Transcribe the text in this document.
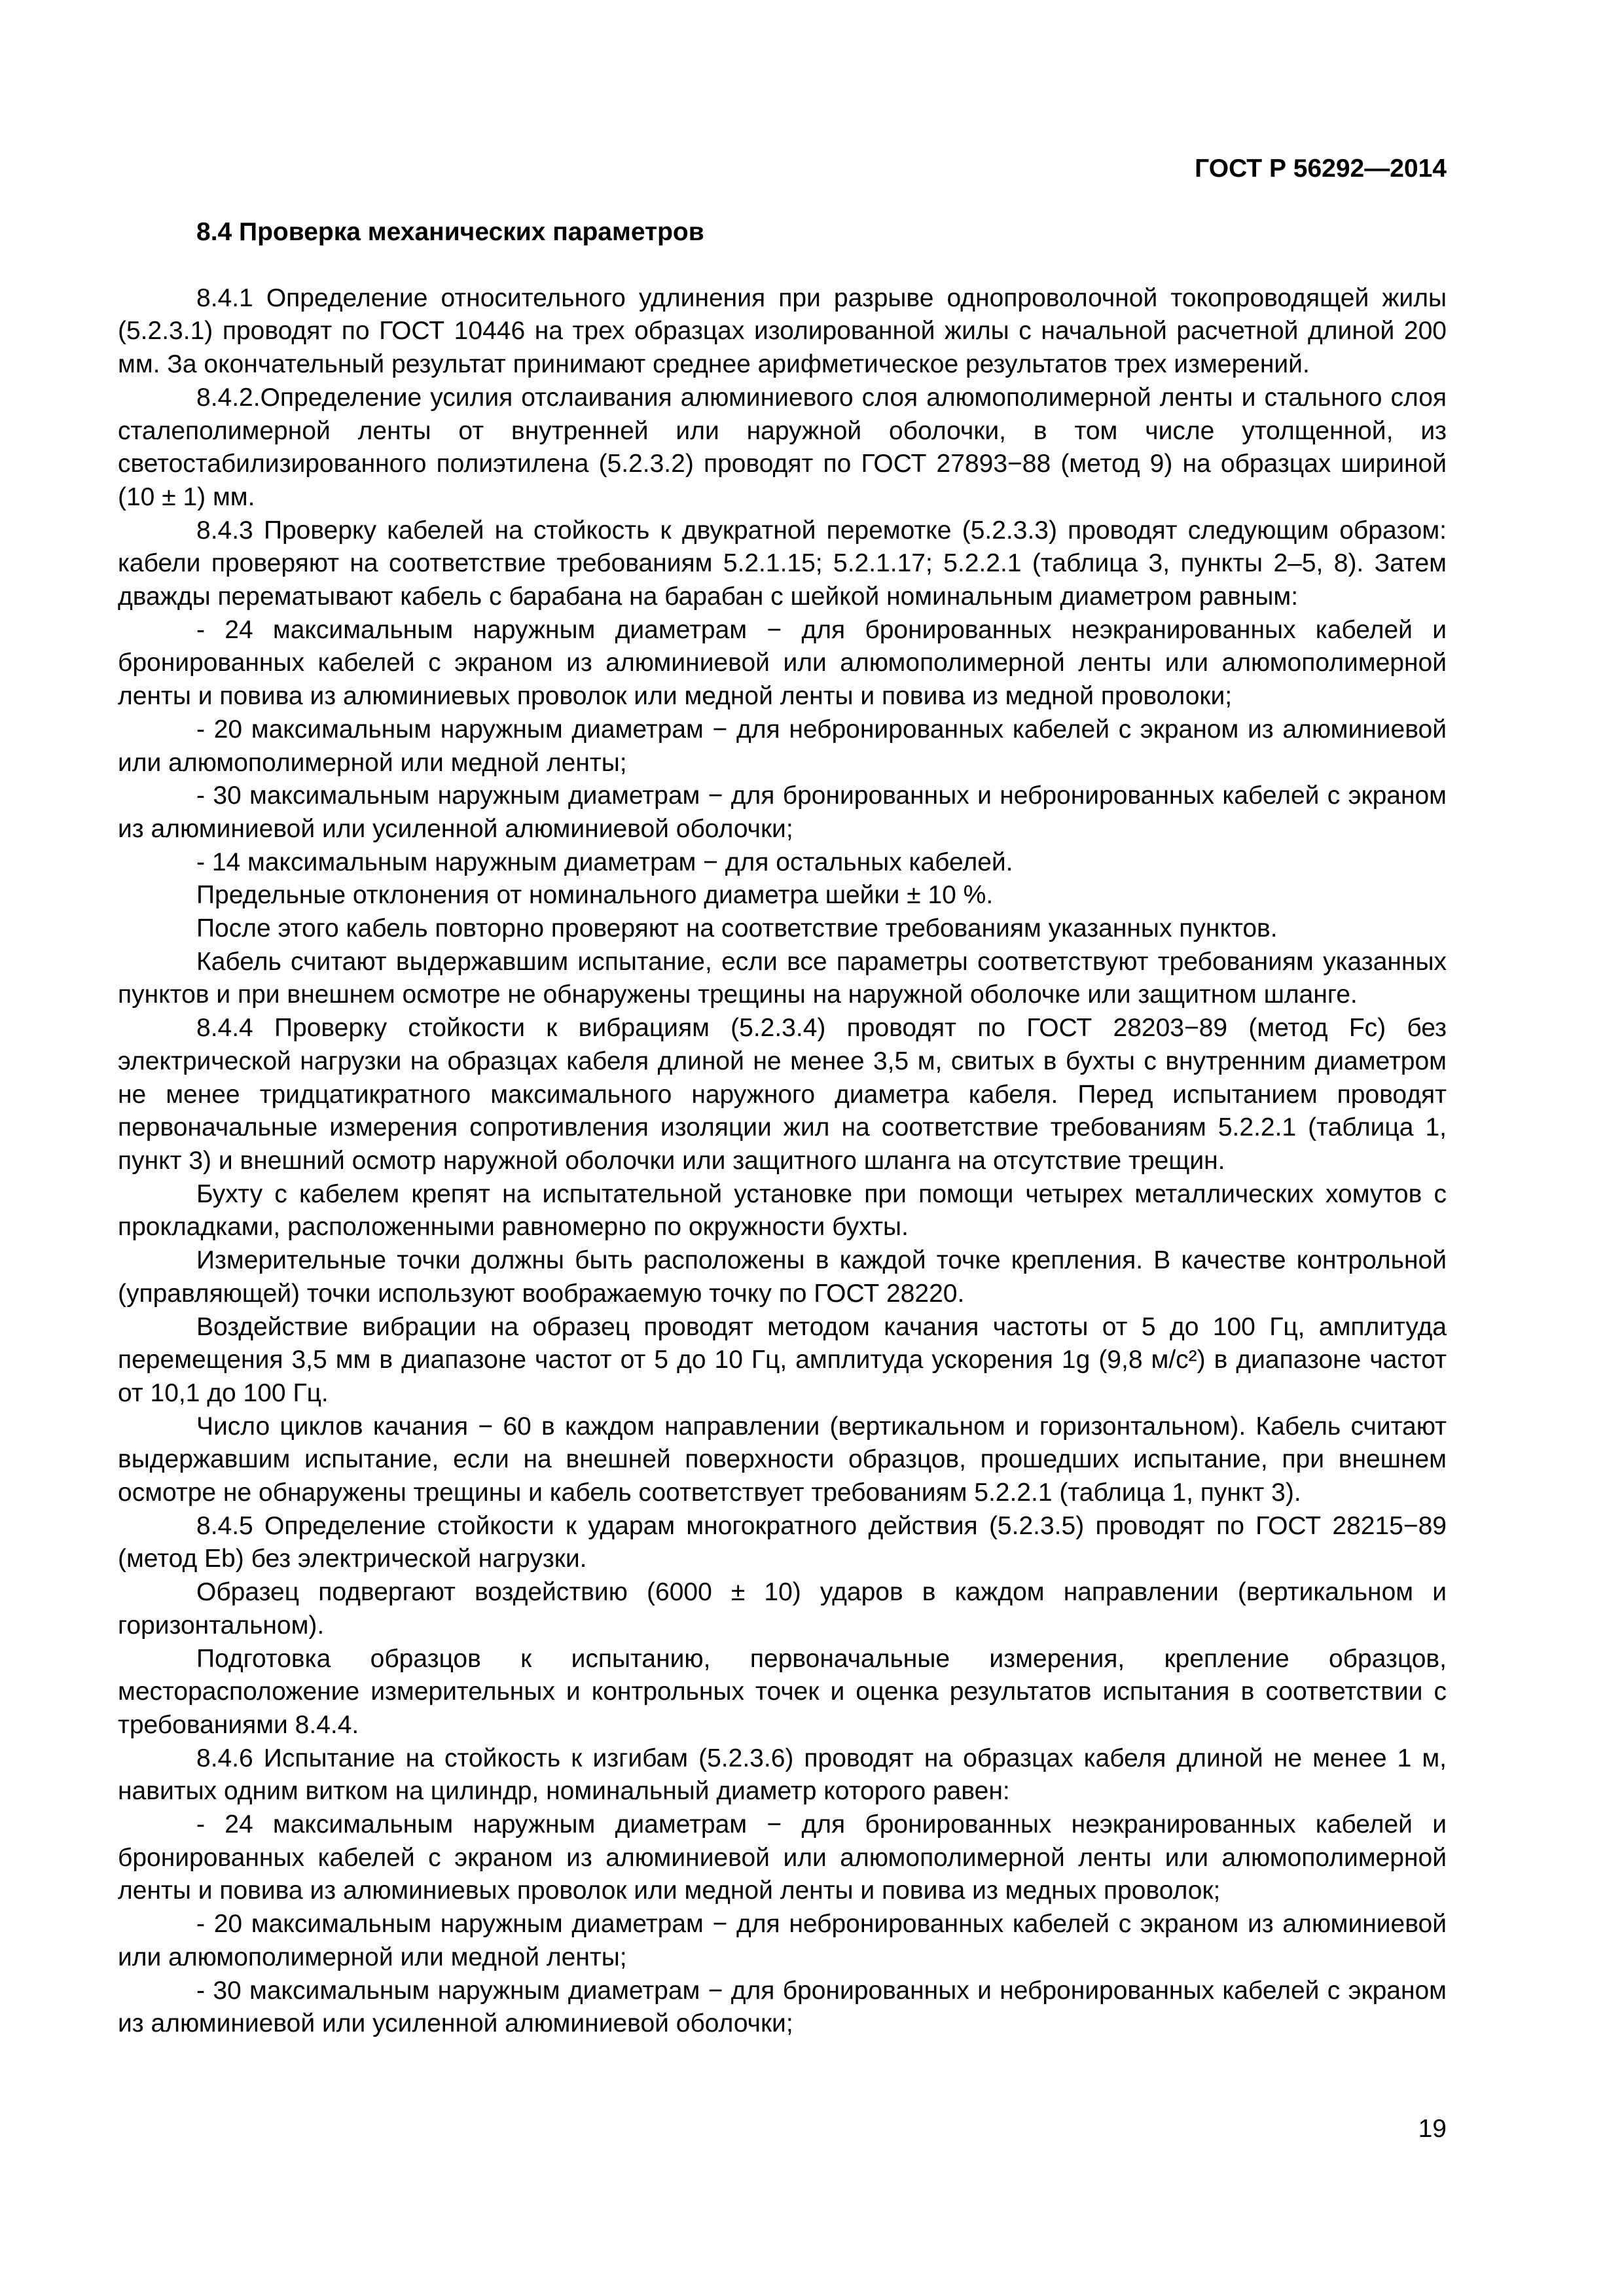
ГОСТ Р 56292—2014

8.4 Проверка механических параметров

8.4.1 Определение относительного удлинения при разрыве однопроволочной токопроводящей жилы (5.2.3.1) проводят по ГОСТ 10446 на трех образцах изолированной жилы с начальной расчетной длиной 200 мм. За окончательный результат принимают среднее арифметическое результатов трех измерений.

8.4.2.Определение усилия отслаивания алюминиевого слоя алюмополимерной ленты и стального слоя сталеполимерной ленты от внутренней или наружной оболочки, в том числе утолщенной, из светостабилизированного полиэтилена (5.2.3.2) проводят по ГОСТ 27893−88 (метод 9) на образцах шириной (10 ± 1) мм.

8.4.3 Проверку кабелей на стойкость к двукратной перемотке (5.2.3.3) проводят следующим образом: кабели проверяют на соответствие требованиям 5.2.1.15; 5.2.1.17; 5.2.2.1 (таблица 3, пункты 2–5, 8). Затем дважды перематывают кабель с барабана на барабан с шейкой номинальным диаметром равным:

- 24 максимальным наружным диаметрам − для бронированных неэкранированных кабелей и бронированных кабелей с экраном из алюминиевой или алюмополимерной ленты или алюмополимерной ленты и повива из алюминиевых проволок или медной ленты и повива из медной проволоки;

- 20 максимальным наружным диаметрам − для небронированных кабелей с экраном из алюминиевой или алюмополимерной или медной ленты;

- 30 максимальным наружным диаметрам − для бронированных и небронированных кабелей с экраном из алюминиевой или усиленной алюминиевой оболочки;

- 14 максимальным наружным диаметрам − для остальных кабелей.

Предельные отклонения от номинального диаметра шейки ± 10 %.

После этого кабель повторно проверяют на соответствие требованиям указанных пунктов.

Кабель считают выдержавшим испытание, если все параметры соответствуют требованиям указанных пунктов и при внешнем осмотре не обнаружены трещины на наружной оболочке или защитном шланге.

8.4.4 Проверку стойкости к вибрациям (5.2.3.4) проводят по ГОСТ 28203−89 (метод Fc) без электрической нагрузки на образцах кабеля длиной не менее 3,5 м, свитых в бухты с внутренним диаметром не менее тридцатикратного максимального наружного диаметра кабеля. Перед испытанием проводят первоначальные измерения сопротивления изоляции жил на соответствие требованиям 5.2.2.1 (таблица 1, пункт 3) и внешний осмотр наружной оболочки или защитного шланга на отсутствие трещин.

Бухту с кабелем крепят на испытательной установке при помощи четырех металлических хомутов с прокладками, расположенными равномерно по окружности бухты.

Измерительные точки должны быть расположены в каждой точке крепления. В качестве контрольной (управляющей) точки используют воображаемую точку по ГОСТ 28220.

Воздействие вибрации на образец проводят методом качания частоты от 5 до 100 Гц, амплитуда перемещения 3,5 мм в диапазоне частот от 5 до 10 Гц, амплитуда ускорения 1g (9,8 м/с²) в диапазоне частот от 10,1 до 100 Гц.

Число циклов качания − 60 в каждом направлении (вертикальном и горизонтальном). Кабель считают выдержавшим испытание, если на внешней поверхности образцов, прошедших испытание, при внешнем осмотре не обнаружены трещины и кабель соответствует требованиям 5.2.2.1 (таблица 1, пункт 3).

8.4.5 Определение стойкости к ударам многократного действия (5.2.3.5) проводят по ГОСТ 28215−89 (метод Eb) без электрической нагрузки.

Образец подвергают воздействию (6000 ± 10) ударов в каждом направлении (вертикальном и горизонтальном).

Подготовка образцов к испытанию, первоначальные измерения, крепление образцов, месторасположение измерительных и контрольных точек и оценка результатов испытания в соответствии с требованиями 8.4.4.

8.4.6 Испытание на стойкость к изгибам (5.2.3.6) проводят на образцах кабеля длиной не менее 1 м, навитых одним витком на цилиндр, номинальный диаметр которого равен:

- 24 максимальным наружным диаметрам − для бронированных неэкранированных кабелей и бронированных кабелей с экраном из алюминиевой или алюмополимерной ленты или алюмополимерной ленты и повива из алюминиевых проволок или медной ленты и повива из медных проволок;

- 20 максимальным наружным диаметрам − для небронированных кабелей с экраном из алюминиевой или алюмополимерной или медной ленты;

- 30 максимальным наружным диаметрам − для бронированных и небронированных кабелей с экраном из алюминиевой или усиленной алюминиевой оболочки;

19
